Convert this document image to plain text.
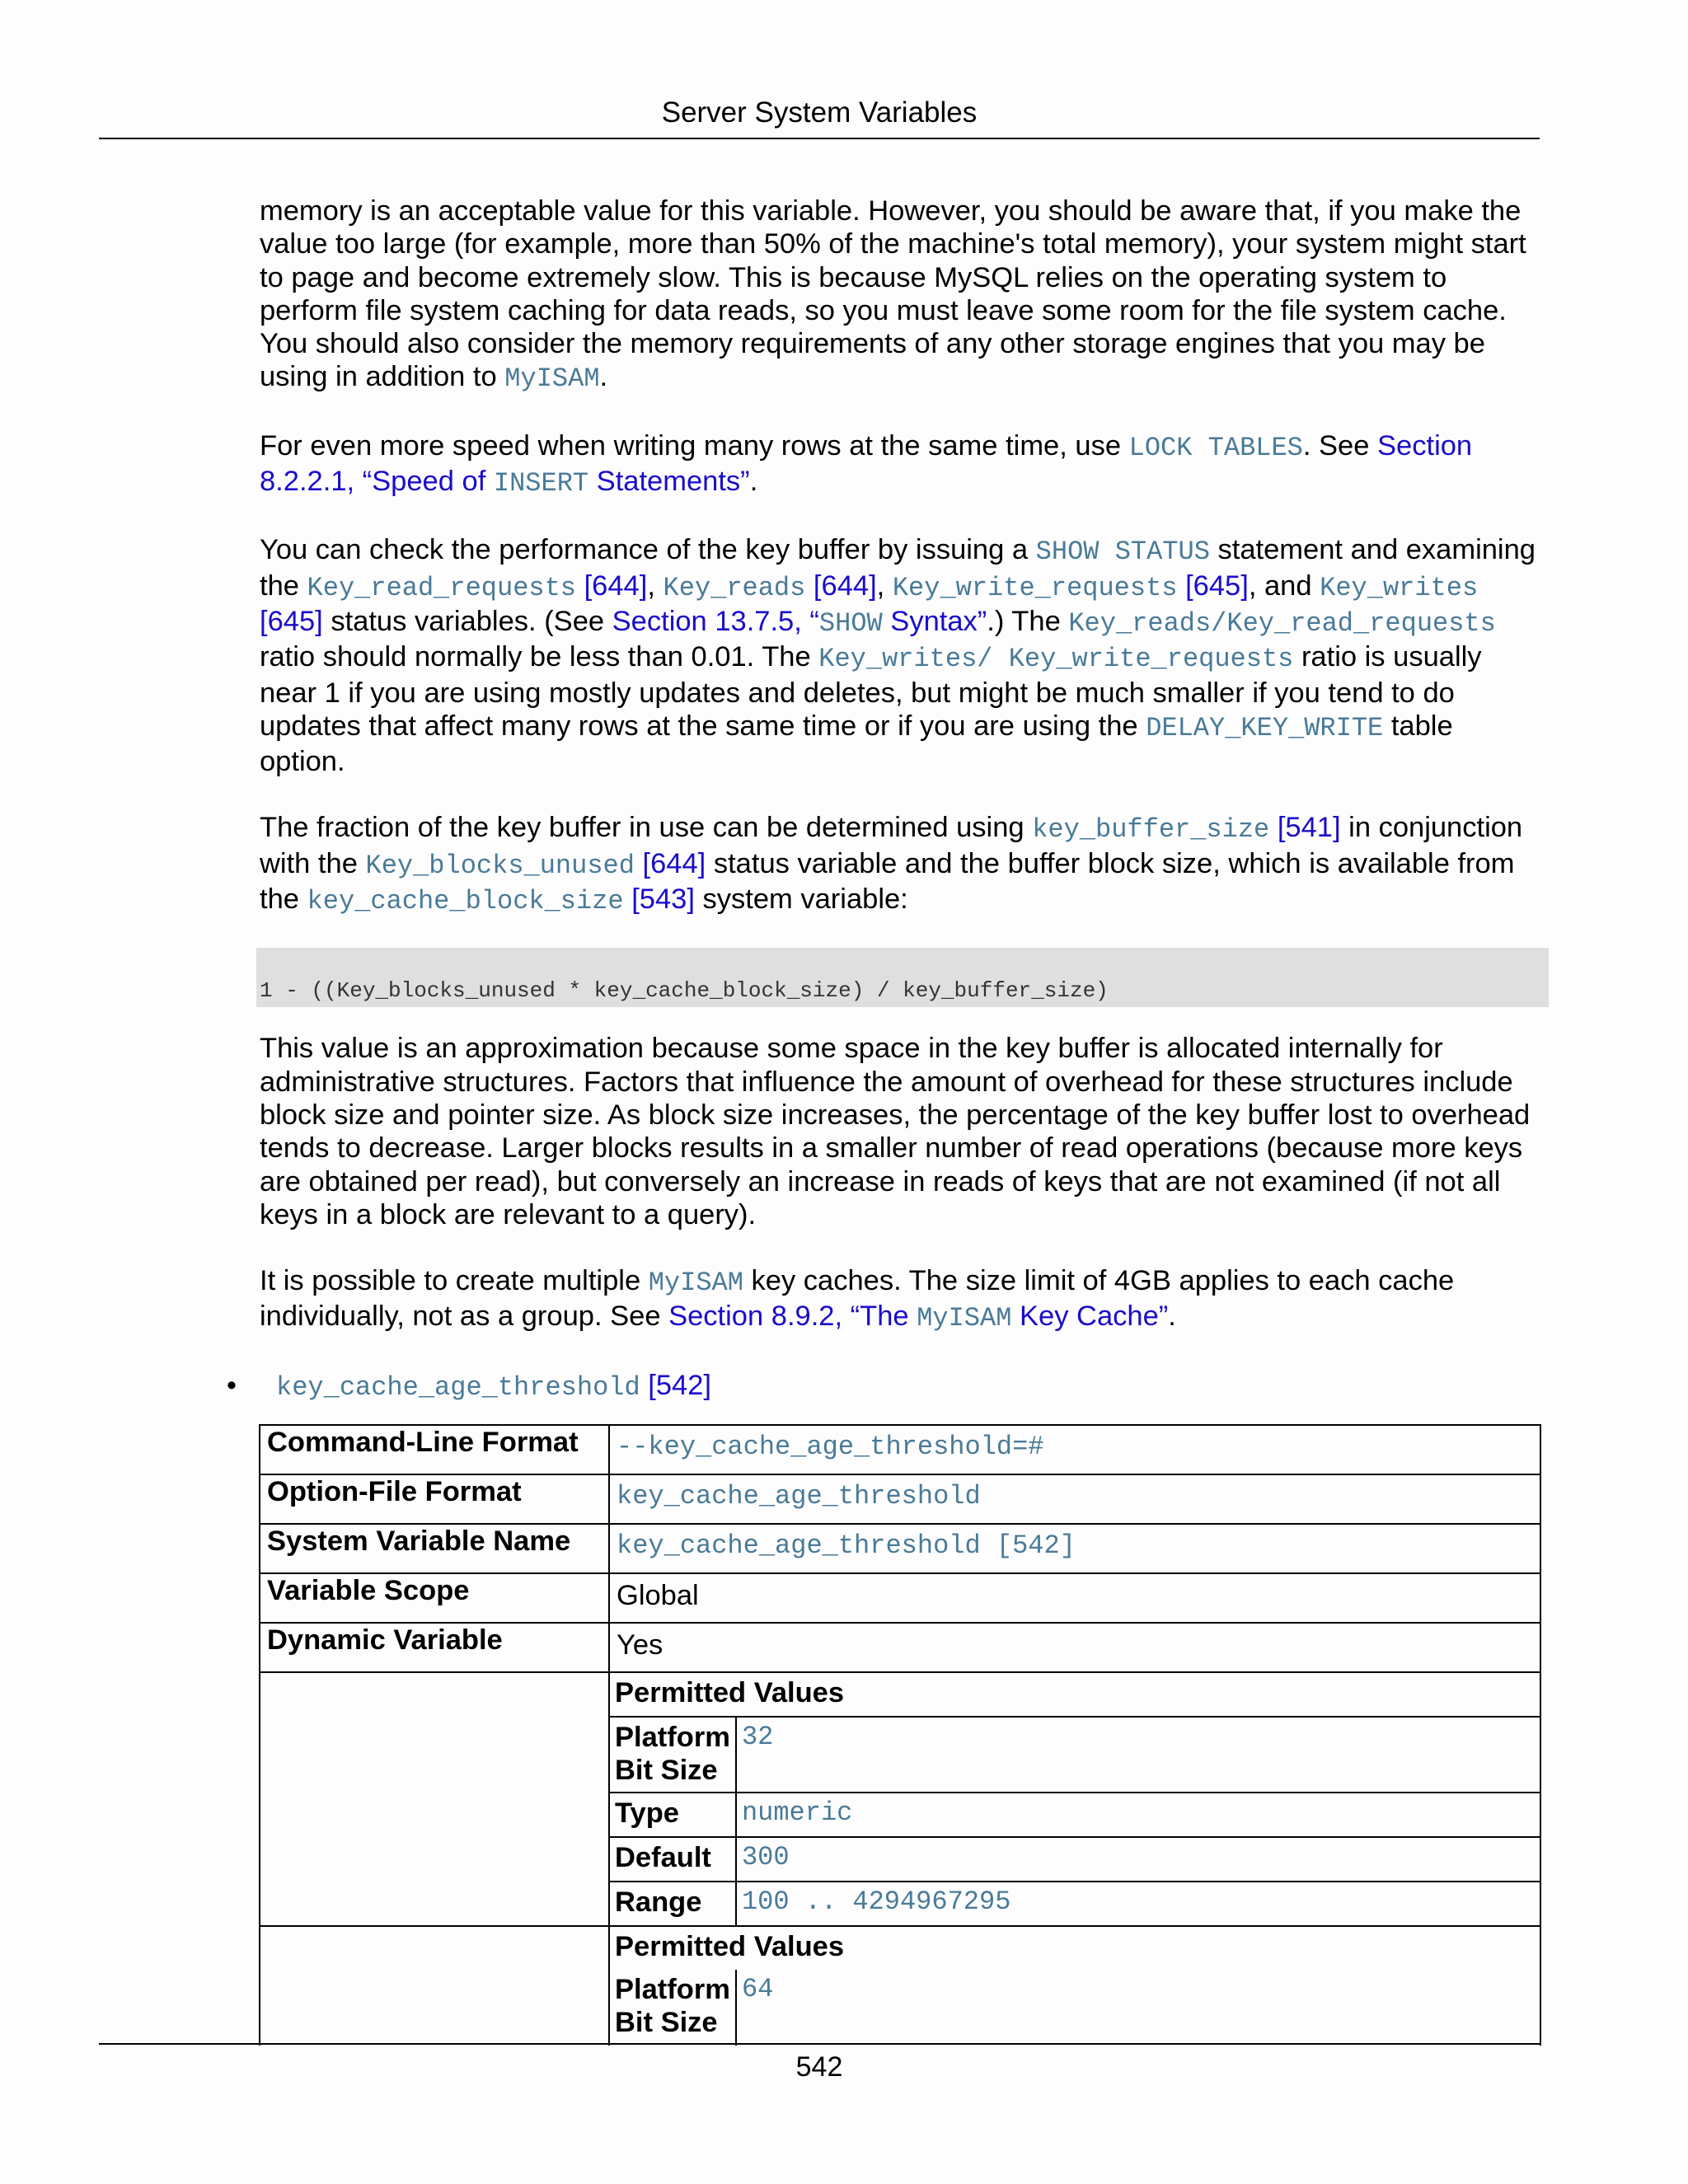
Server System Variables

memory is an acceptable value for this variable. However, you should be aware that, if you make the value too large (for example, more than 50% of the machine's total memory), your system might start to page and become extremely slow. This is because MySQL relies on the operating system to perform file system caching for data reads, so you must leave some room for the file system cache. You should also consider the memory requirements of any other storage engines that you may be using in addition to MyISAM.

For even more speed when writing many rows at the same time, use LOCK TABLES. See Section 8.2.2.1, “Speed of INSERT Statements”.

You can check the performance of the key buffer by issuing a SHOW STATUS statement and examining the Key_read_requests [644], Key_reads [644], Key_write_requests [645], and Key_writes [645] status variables. (See Section 13.7.5, “SHOW Syntax”.) The Key_reads/Key_read_requests ratio should normally be less than 0.01. The Key_writes/ Key_write_requests ratio is usually near 1 if you are using mostly updates and deletes, but might be much smaller if you tend to do updates that affect many rows at the same time or if you are using the DELAY_KEY_WRITE table option.

The fraction of the key buffer in use can be determined using key_buffer_size [541] in conjunction with the Key_blocks_unused [644] status variable and the buffer block size, which is available from the key_cache_block_size [543] system variable:

1 - ((Key_blocks_unused * key_cache_block_size) / key_buffer_size)

This value is an approximation because some space in the key buffer is allocated internally for administrative structures. Factors that influence the amount of overhead for these structures include block size and pointer size. As block size increases, the percentage of the key buffer lost to overhead tends to decrease. Larger blocks results in a smaller number of read operations (because more keys are obtained per read), but conversely an increase in reads of keys that are not examined (if not all keys in a block are relevant to a query).

It is possible to create multiple MyISAM key caches. The size limit of 4GB applies to each cache individually, not as a group. See Section 8.9.2, “The MyISAM Key Cache”.

• key_cache_age_threshold [542]
Command-Line Format	--key_cache_age_threshold=#
Option-File Format	key_cache_age_threshold
System Variable Name	key_cache_age_threshold [542]
Variable Scope	Global
Dynamic Variable	Yes

Permitted Values
Platform Bit Size	32
Type	numeric
Default	300
Range	100 .. 4294967295

Permitted Values
Platform Bit Size	64
542
